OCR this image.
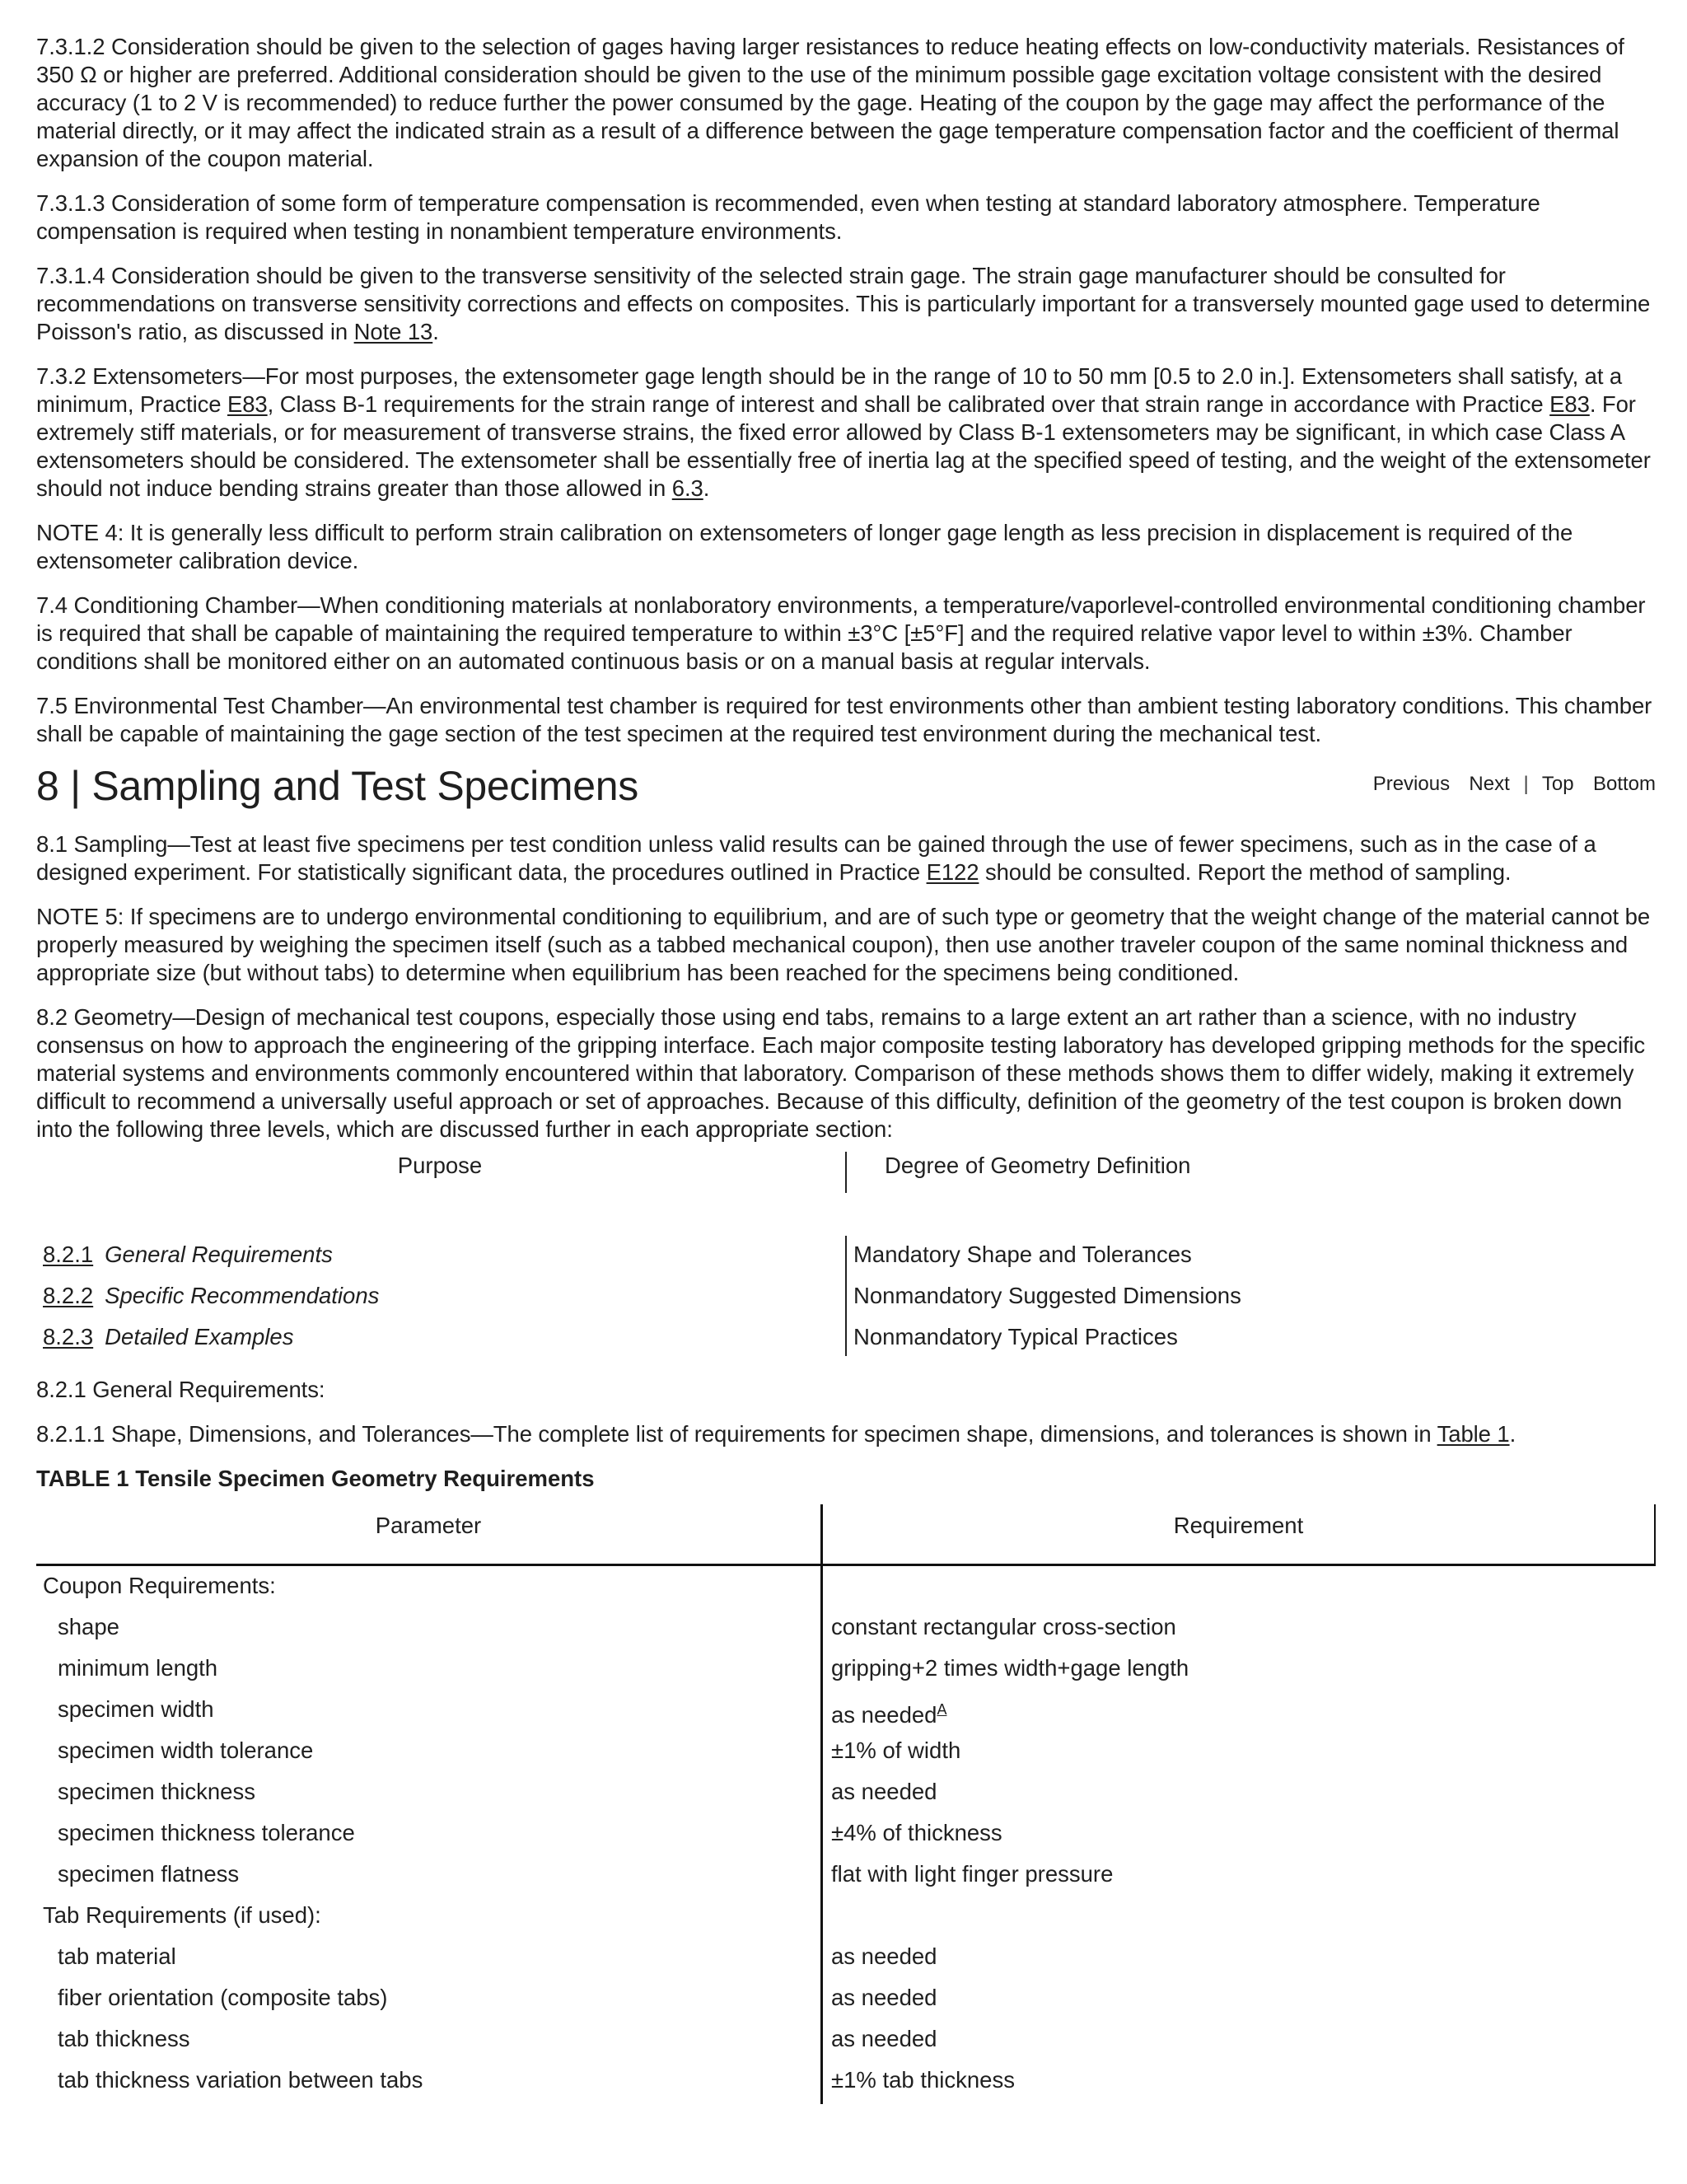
7.3.1.2 Consideration should be given to the selection of gages having larger resistances to reduce heating effects on low-conductivity materials. Resistances of 350 Ω or higher are preferred. Additional consideration should be given to the use of the minimum possible gage excitation voltage consistent with the desired accuracy (1 to 2 V is recommended) to reduce further the power consumed by the gage. Heating of the coupon by the gage may affect the performance of the material directly, or it may affect the indicated strain as a result of a difference between the gage temperature compensation factor and the coefficient of thermal expansion of the coupon material.

7.3.1.3 Consideration of some form of temperature compensation is recommended, even when testing at standard laboratory atmosphere. Temperature compensation is required when testing in nonambient temperature environments.

7.3.1.4 Consideration should be given to the transverse sensitivity of the selected strain gage. The strain gage manufacturer should be consulted for recommendations on transverse sensitivity corrections and effects on composites. This is particularly important for a transversely mounted gage used to determine Poisson's ratio, as discussed in Note 13.

7.3.2 Extensometers—For most purposes, the extensometer gage length should be in the range of 10 to 50 mm [0.5 to 2.0 in.]. Extensometers shall satisfy, at a minimum, Practice E83, Class B-1 requirements for the strain range of interest and shall be calibrated over that strain range in accordance with Practice E83. For extremely stiff materials, or for measurement of transverse strains, the fixed error allowed by Class B-1 extensometers may be significant, in which case Class A extensometers should be considered. The extensometer shall be essentially free of inertia lag at the specified speed of testing, and the weight of the extensometer should not induce bending strains greater than those allowed in 6.3.

NOTE 4: It is generally less difficult to perform strain calibration on extensometers of longer gage length as less precision in displacement is required of the extensometer calibration device.

7.4 Conditioning Chamber—When conditioning materials at nonlaboratory environments, a temperature/vaporlevel-controlled environmental conditioning chamber is required that shall be capable of maintaining the required temperature to within ±3°C [±5°F] and the required relative vapor level to within ±3%. Chamber conditions shall be monitored either on an automated continuous basis or on a manual basis at regular intervals.

7.5 Environmental Test Chamber—An environmental test chamber is required for test environments other than ambient testing laboratory conditions. This chamber shall be capable of maintaining the gage section of the test specimen at the required test environment during the mechanical test.

8 | Sampling and Test Specimens	Previous Next | Top Bottom

8.1 Sampling—Test at least five specimens per test condition unless valid results can be gained through the use of fewer specimens, such as in the case of a designed experiment. For statistically significant data, the procedures outlined in Practice E122 should be consulted. Report the method of sampling.

NOTE 5: If specimens are to undergo environmental conditioning to equilibrium, and are of such type or geometry that the weight change of the material cannot be properly measured by weighing the specimen itself (such as a tabbed mechanical coupon), then use another traveler coupon of the same nominal thickness and appropriate size (but without tabs) to determine when equilibrium has been reached for the specimens being conditioned.

8.2 Geometry—Design of mechanical test coupons, especially those using end tabs, remains to a large extent an art rather than a science, with no industry consensus on how to approach the engineering of the gripping interface. Each major composite testing laboratory has developed gripping methods for the specific material systems and environments commonly encountered within that laboratory. Comparison of these methods shows them to differ widely, making it extremely difficult to recommend a universally useful approach or set of approaches. Because of this difficulty, definition of the geometry of the test coupon is broken down into the following three levels, which are discussed further in each appropriate section:

Purpose	Degree of Geometry Definition
8.2.1 General Requirements	Mandatory Shape and Tolerances
8.2.2 Specific Recommendations	Nonmandatory Suggested Dimensions
8.2.3 Detailed Examples	Nonmandatory Typical Practices

8.2.1 General Requirements:

8.2.1.1 Shape, Dimensions, and Tolerances—The complete list of requirements for specimen shape, dimensions, and tolerances is shown in Table 1.

TABLE 1 Tensile Specimen Geometry Requirements

Parameter	Requirement
Coupon Requirements:
shape	constant rectangular cross-section
minimum length	gripping+2 times width+gage length
specimen width	as needed$^A$
specimen width tolerance	±1% of width
specimen thickness	as needed
specimen thickness tolerance	±4% of thickness
specimen flatness	flat with light finger pressure
Tab Requirements (if used):
tab material	as needed
fiber orientation (composite tabs)	as needed
tab thickness	as needed
tab thickness variation between tabs	±1% tab thickness
